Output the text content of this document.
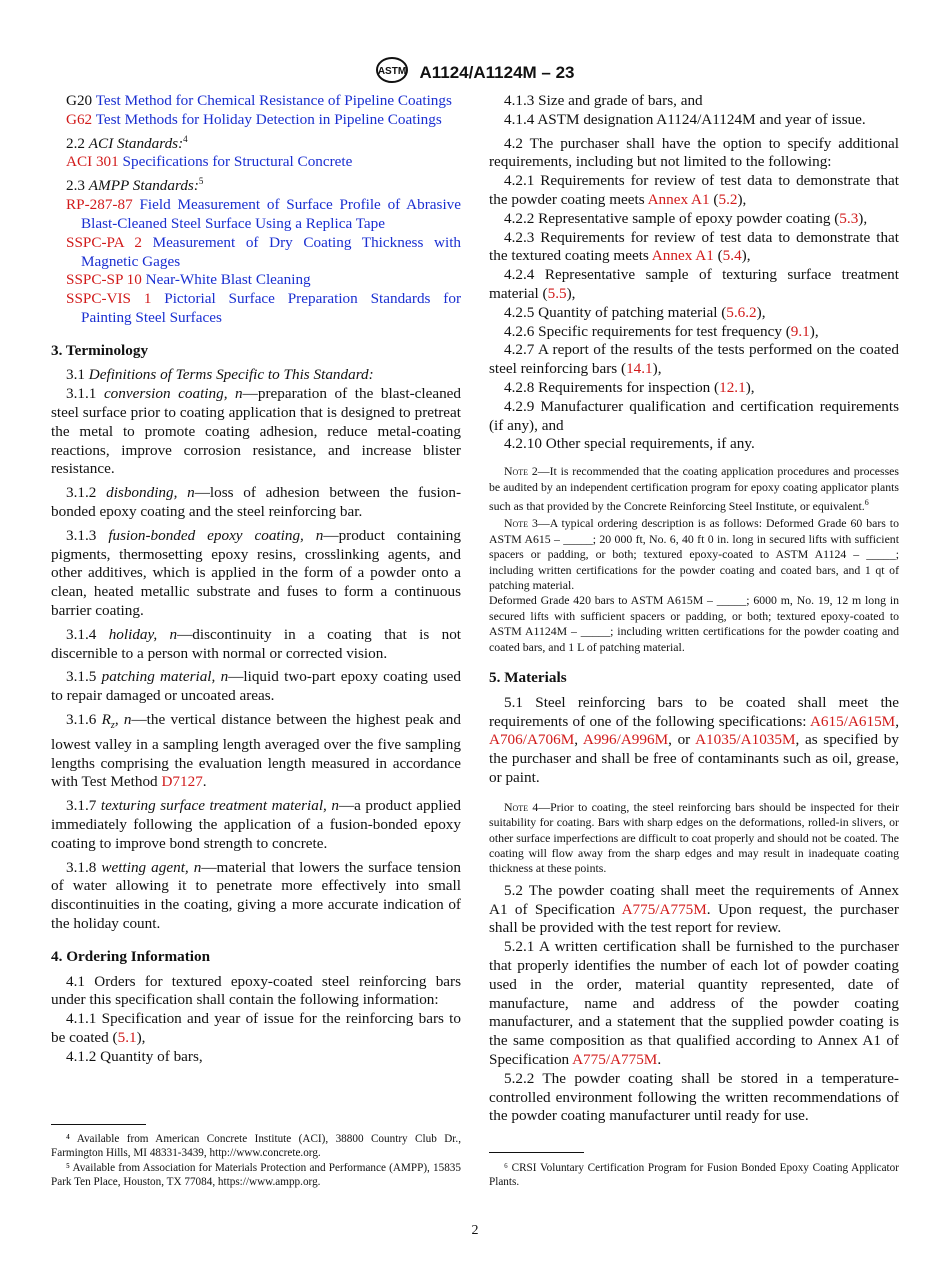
ASTM A1124/A1124M – 23

G20 Test Method for Chemical Resistance of Pipeline Coatings

G62 Test Methods for Holiday Detection in Pipeline Coatings

2.2 ACI Standards:$^4$

ACI 301 Specifications for Structural Concrete

2.3 AMPP Standards:$^5$

RP-287-87 Field Measurement of Surface Profile of Abrasive Blast-Cleaned Steel Surface Using a Replica Tape

SSPC-PA 2 Measurement of Dry Coating Thickness with Magnetic Gages

SSPC-SP 10 Near-White Blast Cleaning

SSPC-VIS 1 Pictorial Surface Preparation Standards for Painting Steel Surfaces

3. Terminology

3.1 Definitions of Terms Specific to This Standard:

3.1.1 conversion coating, n—preparation of the blast-cleaned steel surface prior to coating application that is designed to pretreat the metal to promote coating adhesion, reduce metal-coating reactions, improve corrosion resistance, and increase blister resistance.

3.1.2 disbonding, n—loss of adhesion between the fusion-bonded epoxy coating and the steel reinforcing bar.

3.1.3 fusion-bonded epoxy coating, n—product containing pigments, thermosetting epoxy resins, crosslinking agents, and other additives, which is applied in the form of a powder onto a clean, heated metallic substrate and fuses to form a continuous barrier coating.

3.1.4 holiday, n—discontinuity in a coating that is not discernible to a person with normal or corrected vision.

3.1.5 patching material, n—liquid two-part epoxy coating used to repair damaged or uncoated areas.

3.1.6 $R_z$, n—the vertical distance between the highest peak and lowest valley in a sampling length averaged over the five sampling lengths comprising the evaluation length measured in accordance with Test Method D7127.

3.1.7 texturing surface treatment material, n—a product applied immediately following the application of a fusion-bonded epoxy coating to improve bond strength to concrete.

3.1.8 wetting agent, n—material that lowers the surface tension of water allowing it to penetrate more effectively into small discontinuities in the coating, giving a more accurate indication of the holiday count.

4. Ordering Information

4.1 Orders for textured epoxy-coated steel reinforcing bars under this specification shall contain the following information:

4.1.1 Specification and year of issue for the reinforcing bars to be coated (5.1),

4.1.2 Quantity of bars,

⁴ Available from American Concrete Institute (ACI), 38800 Country Club Dr., Farmington Hills, MI 48331-3439, http://www.concrete.org.

⁵ Available from Association for Materials Protection and Performance (AMPP), 15835 Park Ten Place, Houston, TX 77084, https://www.ampp.org.

4.1.3 Size and grade of bars, and

4.1.4 ASTM designation A1124/A1124M and year of issue.

4.2 The purchaser shall have the option to specify additional requirements, including but not limited to the following:

4.2.1 Requirements for review of test data to demonstrate that the powder coating meets Annex A1 (5.2),

4.2.2 Representative sample of epoxy powder coating (5.3),

4.2.3 Requirements for review of test data to demonstrate that the textured coating meets Annex A1 (5.4),

4.2.4 Representative sample of texturing surface treatment material (5.5),

4.2.5 Quantity of patching material (5.6.2),

4.2.6 Specific requirements for test frequency (9.1),

4.2.7 A report of the results of the tests performed on the coated steel reinforcing bars (14.1),

4.2.8 Requirements for inspection (12.1),

4.2.9 Manufacturer qualification and certification requirements (if any), and

4.2.10 Other special requirements, if any.

Note 2—It is recommended that the coating application procedures and processes be audited by an independent certification program for epoxy coating applicator plants such as that provided by the Concrete Reinforcing Steel Institute, or equivalent.$^6$

Note 3—A typical ordering description is as follows: Deformed Grade 60 bars to ASTM A615 – _____; 20 000 ft, No. 6, 40 ft 0 in. long in secured lifts with sufficient spacers or padding, or both; textured epoxy-coated to ASTM A1124 – _____; including written certifications for the powder coating and coated bars, and 1 qt of patching material.

Deformed Grade 420 bars to ASTM A615M – _____; 6000 m, No. 19, 12 m long in secured lifts with sufficient spacers or padding, or both; textured epoxy-coated to ASTM A1124M – _____; including written certifications for the powder coating and coated bars, and 1 L of patching material.

5. Materials

5.1 Steel reinforcing bars to be coated shall meet the requirements of one of the following specifications: A615/A615M, A706/A706M, A996/A996M, or A1035/A1035M, as specified by the purchaser and shall be free of contaminants such as oil, grease, or paint.

Note 4—Prior to coating, the steel reinforcing bars should be inspected for their suitability for coating. Bars with sharp edges on the deformations, rolled-in slivers, or other surface imperfections are difficult to coat properly and should not be coated. The coating will flow away from the sharp edges and may result in inadequate coating thickness at these points.

5.2 The powder coating shall meet the requirements of Annex A1 of Specification A775/A775M. Upon request, the purchaser shall be provided with the test report for review.

5.2.1 A written certification shall be furnished to the purchaser that properly identifies the number of each lot of powder coating used in the order, material quantity represented, date of manufacture, name and address of the powder coating manufacturer, and a statement that the supplied powder coating is the same composition as that qualified according to Annex A1 of Specification A775/A775M.

5.2.2 The powder coating shall be stored in a temperature-controlled environment following the written recommendations of the powder coating manufacturer until ready for use.

⁶ CRSI Voluntary Certification Program for Fusion Bonded Epoxy Coating Applicator Plants.

2
